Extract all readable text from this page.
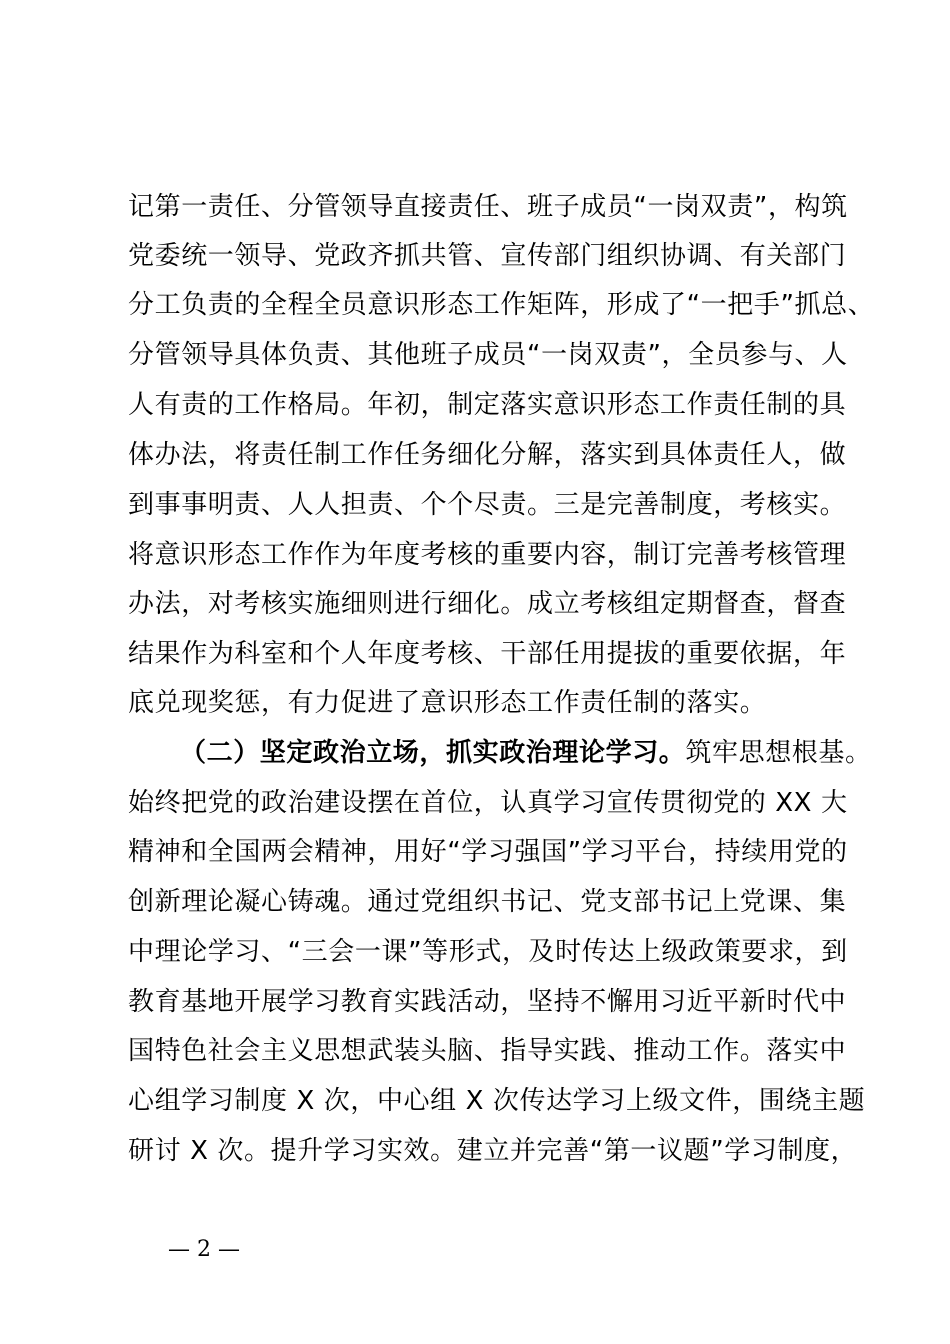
记第一责任、分管领导直接责任、班子成员“一岗双责”，构筑
党委统一领导、党政齐抓共管、宣传部门组织协调、有关部门
分工负责的全程全员意识形态工作矩阵，形成了“一把手”抓总、
分管领导具体负责、其他班子成员“一岗双责”，全员参与、人
人有责的工作格局。年初，制定落实意识形态工作责任制的具
体办法，将责任制工作任务细化分解，落实到具体责任人，做
到事事明责、人人担责、个个尽责。三是完善制度，考核实。
将意识形态工作作为年度考核的重要内容，制订完善考核管理
办法，对考核实施细则进行细化。成立考核组定期督查，督查
结果作为科室和个人年度考核、干部任用提拔的重要依据，年
底兑现奖惩，有力促进了意识形态工作责任制的落实。
（二）坚定政治立场，抓实政治理论学习。筑牢思想根基。
始终把党的政治建设摆在首位，认真学习宣传贯彻党的 XX 大
精神和全国两会精神，用好“学习强国”学习平台，持续用党的
创新理论凝心铸魂。通过党组织书记、党支部书记上党课、集
中理论学习、“三会一课”等形式，及时传达上级政策要求，到
教育基地开展学习教育实践活动，坚持不懈用习近平新时代中
国特色社会主义思想武装头脑、指导实践、推动工作。落实中
心组学习制度 X 次，中心组 X 次传达学习上级文件，围绕主题
研讨 X 次。提升学习实效。建立并完善“第一议题”学习制度，
— 2 —
